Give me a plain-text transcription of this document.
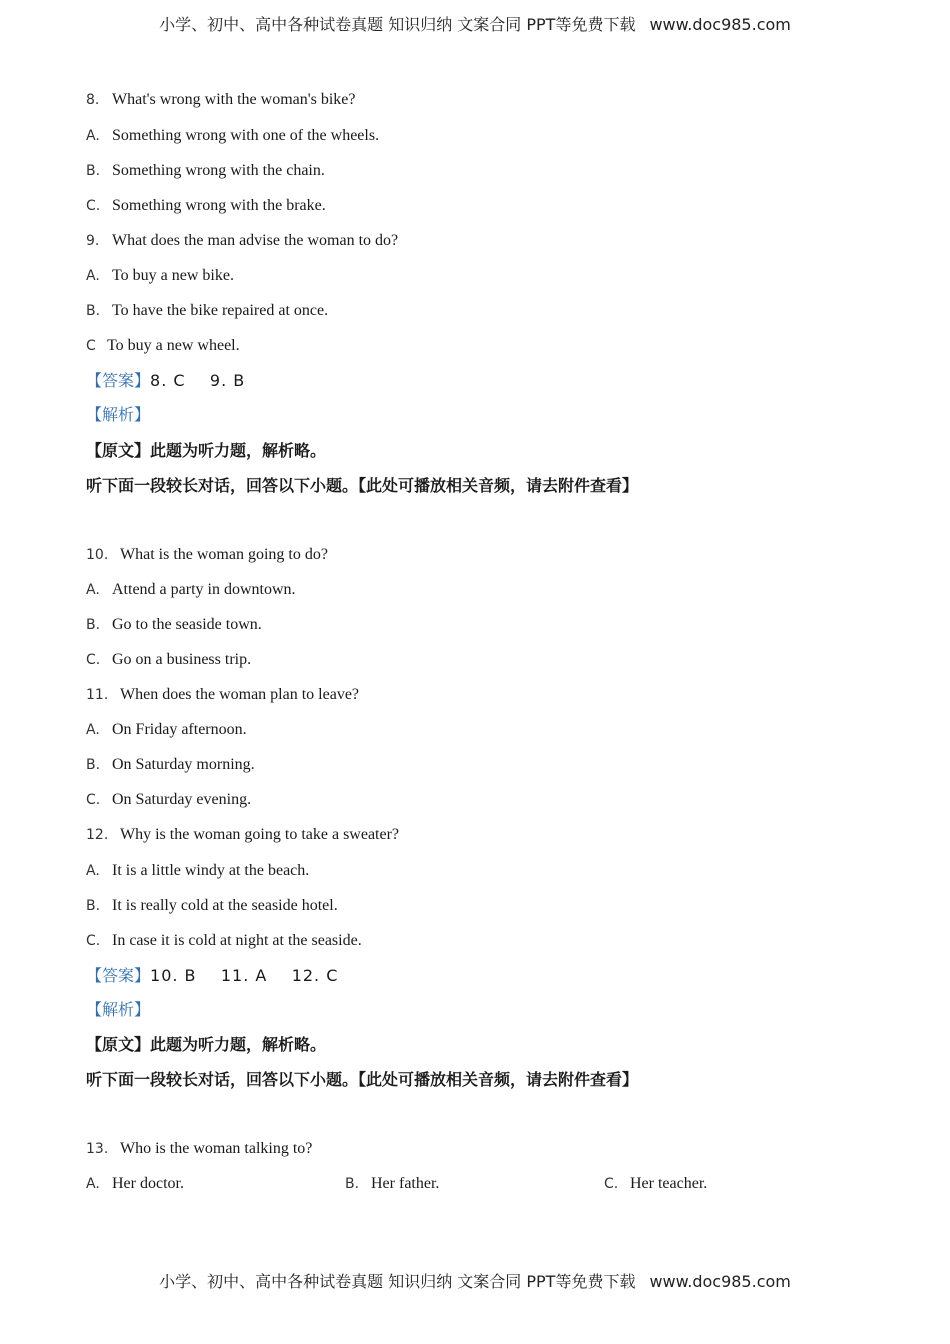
小学、初中、高中各种试卷真题 知识归纳 文案合同 PPT等免费下载 www.doc985.com
8. What's wrong with the woman's bike?
A. Something wrong with one of the wheels.
B. Something wrong with the chain.
C. Something wrong with the brake.
9. What does the man advise the woman to do?
A. To buy a new bike.
B. To have the bike repaired at once.
C To buy a new wheel.
【答案】8. C    9. B
【解析】
【原文】此题为听力题，解析略。
听下面一段较长对话，回答以下小题。【此处可播放相关音频，请去附件查看】
10. What is the woman going to do?
A. Attend a party in downtown.
B. Go to the seaside town.
C. Go on a business trip.
11. When does the woman plan to leave?
A. On Friday afternoon.
B. On Saturday morning.
C. On Saturday evening.
12. Why is the woman going to take a sweater?
A. It is a little windy at the beach.
B. It is really cold at the seaside hotel.
C. In case it is cold at night at the seaside.
【答案】10. B    11. A    12. C
【解析】
【原文】此题为听力题，解析略。
听下面一段较长对话，回答以下小题。【此处可播放相关音频，请去附件查看】
13. Who is the woman talking to?
A. Her doctor.	B. Her father.	C. Her teacher.
小学、初中、高中各种试卷真题 知识归纳 文案合同 PPT等免费下载 www.doc985.com
